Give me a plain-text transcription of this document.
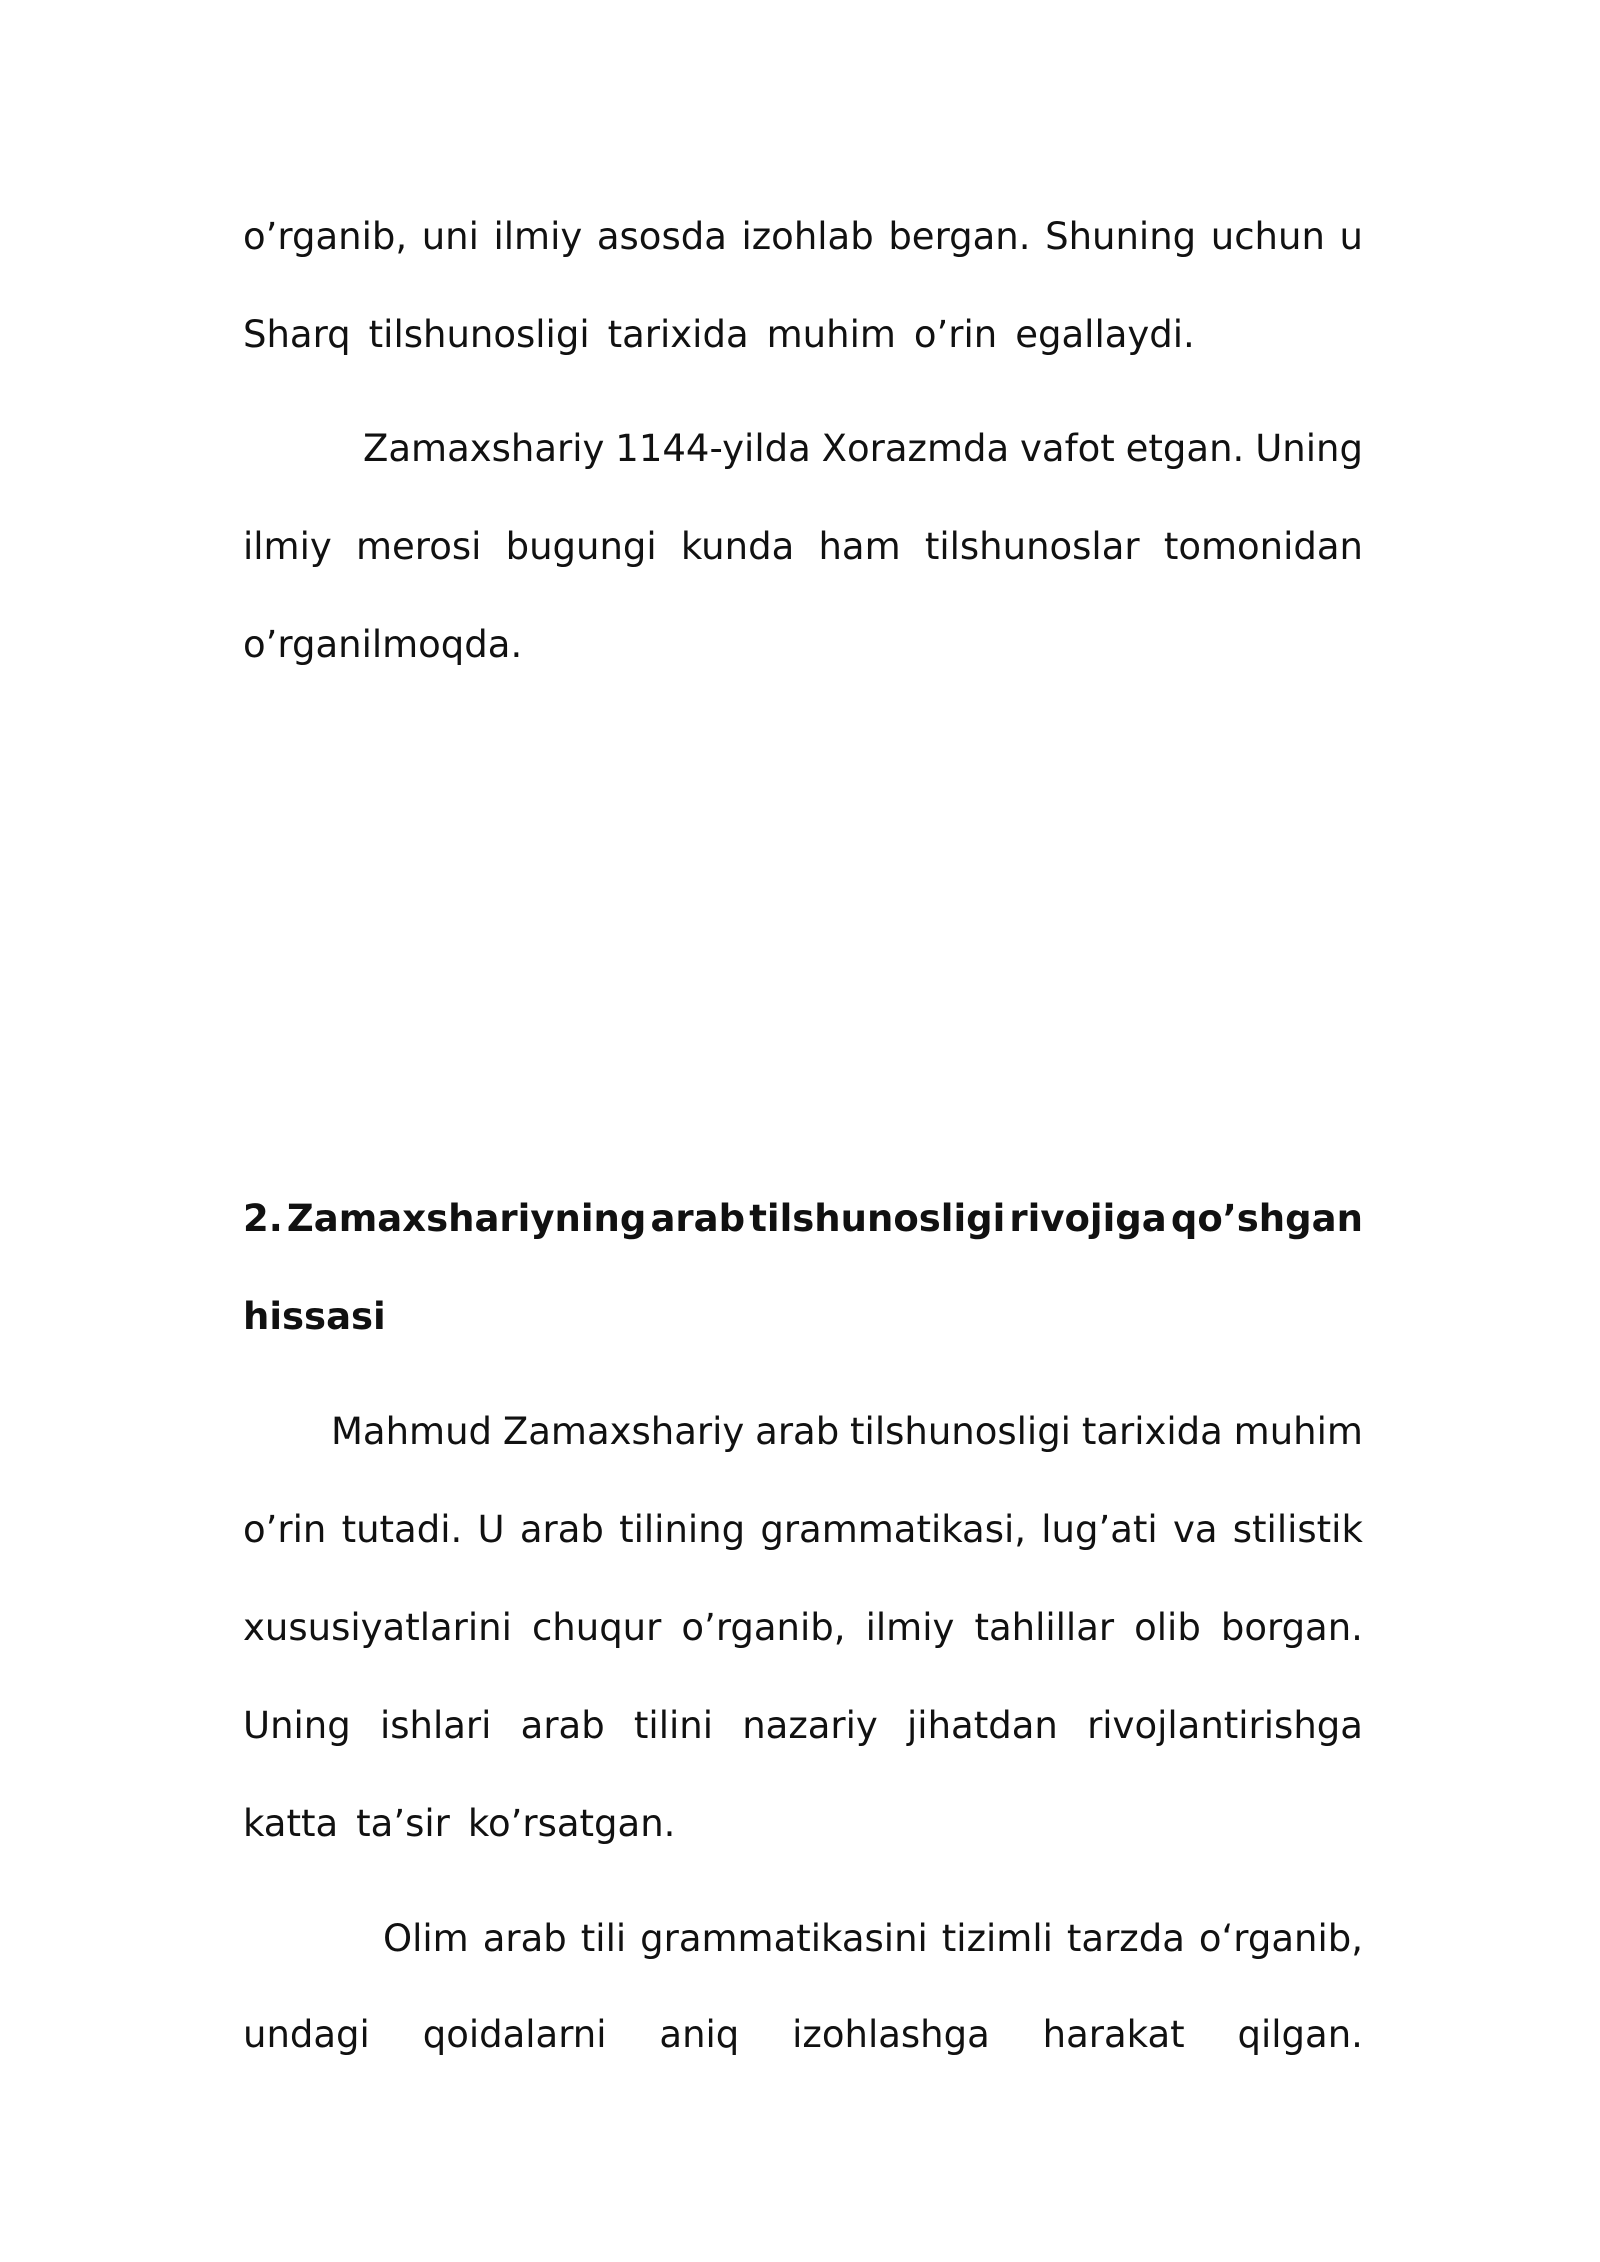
o’rganib, uni ilmiy asosda izohlab bergan. Shuning uchun u
Sharq tilshunosligi tarixida muhim o’rin egallaydi.
Zamaxshariy 1144-yilda Xorazmda vafot etgan. Uning
ilmiy merosi bugungi kunda ham tilshunoslar tomonidan
o’rganilmoqda.
2. Zamaxshariyning arab tilshunosligi rivojiga qo’shgan
hissasi
Mahmud Zamaxshariy arab tilshunosligi tarixida muhim
o’rin tutadi. U arab tilining grammatikasi, lug’ati va stilistik
xususiyatlarini chuqur o’rganib, ilmiy tahlillar olib borgan.
Uning ishlari arab tilini nazariy jihatdan rivojlantirishga
katta ta’sir ko’rsatgan.
Olim arab tili grammatikasini tizimli tarzda o‘rganib,
undagi qoidalarni aniq izohlashga harakat qilgan.
